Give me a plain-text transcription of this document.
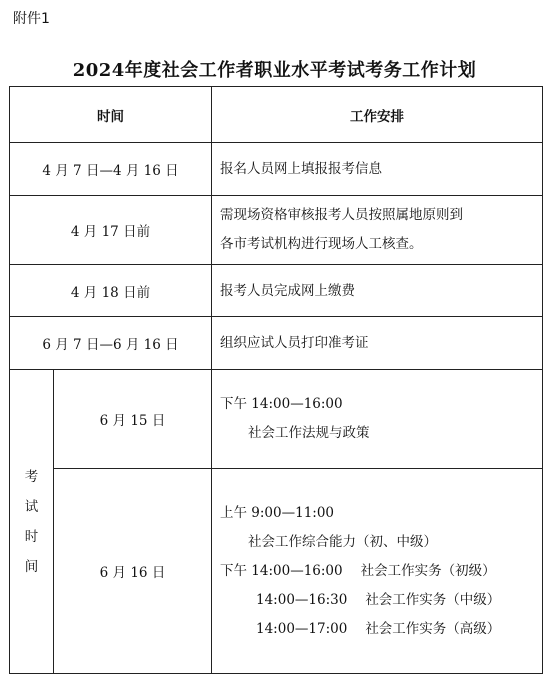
附件1
2024年度社会工作者职业水平考试考务工作计划
时间		工作安排
4 月 7 日—4 月 16 日		报名人员网上填报报考信息
4 月 17 日前		需现场资格审核报考人员按照属地原则到
各市考试机构进行现场人工核查。

4 月 18 日前		报考人员完成网上缴费
6 月 7 日—6 月 16 日		组织应试人员打印准考证

考
试
时
间	6 月 15 日	下午 14:00—16:00
社会工作法规与政策

	6 月 16 日	上午 9:00—11:00
社会工作综合能力（初、中级）
下午 14:00—16:00 社会工作实务（初级）
14:00—16:30 社会工作实务（中级）
14:00—17:00 社会工作实务（高级）
